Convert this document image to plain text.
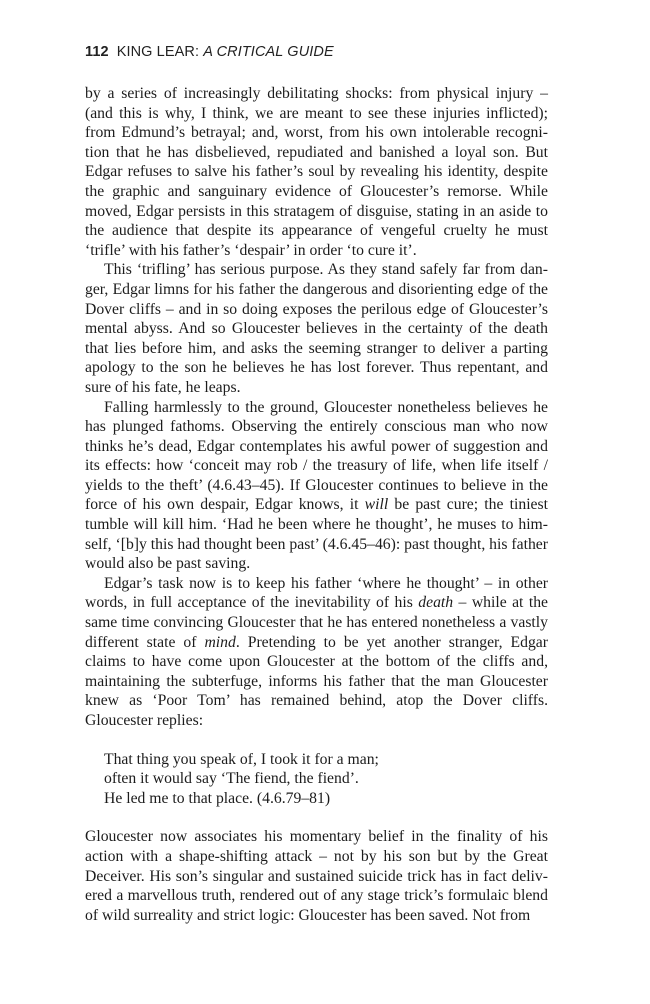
112 KING LEAR: A CRITICAL GUIDE

by a series of increasingly debilitating shocks: from physical injury – (and this is why, I think, we are meant to see these injuries inflicted); from Edmund’s betrayal; and, worst, from his own intolerable recognition that he has disbelieved, repudiated and banished a loyal son. But Edgar refuses to salve his father’s soul by revealing his identity, despite the graphic and sanguinary evidence of Gloucester’s remorse. While moved, Edgar persists in this stratagem of disguise, stating in an aside to the audience that despite its appearance of vengeful cruelty he must ‘trifle’ with his father’s ‘despair’ in order ‘to cure it’.

This ‘trifling’ has serious purpose. As they stand safely far from danger, Edgar limns for his father the dangerous and disorienting edge of the Dover cliffs – and in so doing exposes the perilous edge of Gloucester’s mental abyss. And so Gloucester believes in the certainty of the death that lies before him, and asks the seeming stranger to deliver a parting apology to the son he believes he has lost forever. Thus repentant, and sure of his fate, he leaps.

Falling harmlessly to the ground, Gloucester nonetheless believes he has plunged fathoms. Observing the entirely conscious man who now thinks he’s dead, Edgar contemplates his awful power of suggestion and its effects: how ‘conceit may rob / the treasury of life, when life itself / yields to the theft’ (4.6.43–45). If Gloucester continues to believe in the force of his own despair, Edgar knows, it will be past cure; the tiniest tumble will kill him. ‘Had he been where he thought’, he muses to himself, ‘[b]y this had thought been past’ (4.6.45–46): past thought, his father would also be past saving.

Edgar’s task now is to keep his father ‘where he thought’ – in other words, in full acceptance of the inevitability of his death – while at the same time convincing Gloucester that he has entered nonetheless a vastly different state of mind. Pretending to be yet another stranger, Edgar claims to have come upon Gloucester at the bottom of the cliffs and, maintaining the subterfuge, informs his father that the man Gloucester knew as ‘Poor Tom’ has remained behind, atop the Dover cliffs. Gloucester replies:

That thing you speak of, I took it for a man;
often it would say ‘The fiend, the fiend’.
He led me to that place. (4.6.79–81)

Gloucester now associates his momentary belief in the finality of his action with a shape-shifting attack – not by his son but by the Great Deceiver. His son’s singular and sustained suicide trick has in fact delivered a marvellous truth, rendered out of any stage trick’s formulaic blend of wild surreality and strict logic: Gloucester has been saved. Not from
